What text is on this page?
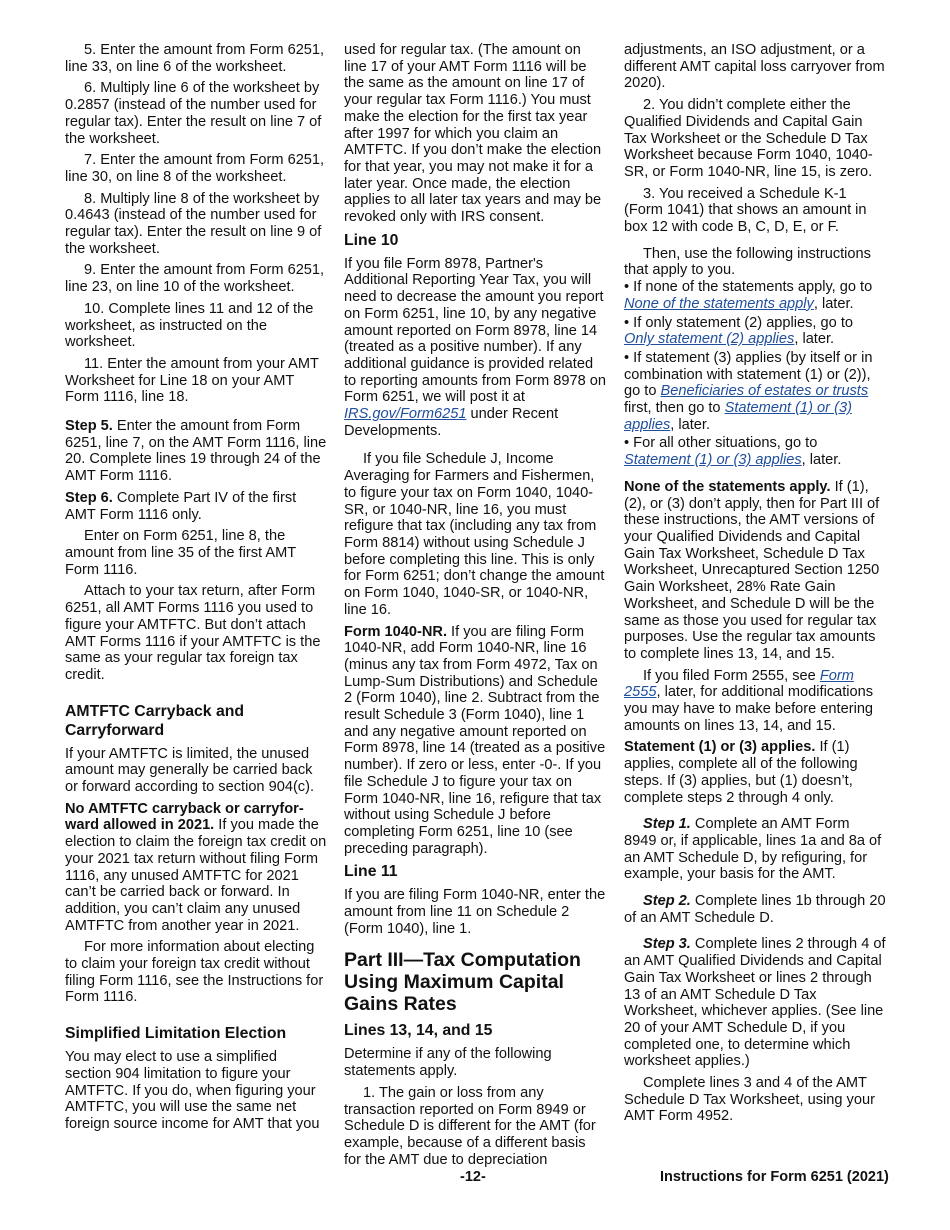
5. Enter the amount from Form 6251, line 33, on line 6 of the worksheet.

6. Multiply line 6 of the worksheet by 0.2857 (instead of the number used for regular tax). Enter the result on line 7 of the worksheet.

7. Enter the amount from Form 6251, line 30, on line 8 of the worksheet.

8. Multiply line 8 of the worksheet by 0.4643 (instead of the number used for regular tax). Enter the result on line 9 of the worksheet.

9. Enter the amount from Form 6251, line 23, on line 10 of the worksheet.

10. Complete lines 11 and 12 of the worksheet, as instructed on the worksheet.

11. Enter the amount from your AMT Worksheet for Line 18 on your AMT Form 1116, line 18.

Step 5. Enter the amount from Form 6251, line 7, on the AMT Form 1116, line 20. Complete lines 19 through 24 of the AMT Form 1116.

Step 6. Complete Part IV of the first AMT Form 1116 only.

Enter on Form 6251, line 8, the amount from line 35 of the first AMT Form 1116.

Attach to your tax return, after Form 6251, all AMT Forms 1116 you used to figure your AMTFTC. But don’t attach AMT Forms 1116 if your AMTFTC is the same as your regular tax foreign tax credit.

AMTFTC Carryback and Carryforward

If your AMTFTC is limited, the unused amount may generally be carried back or forward according to section 904(c).

No AMTFTC carryback or carryforward allowed in 2021. If you made the election to claim the foreign tax credit on your 2021 tax return without filing Form 1116, any unused AMTFTC for 2021 can’t be carried back or forward. In addition, you can’t claim any unused AMTFTC from another year in 2021.

For more information about electing to claim your foreign tax credit without filing Form 1116, see the Instructions for Form 1116.

Simplified Limitation Election

You may elect to use a simplified section 904 limitation to figure your AMTFTC. If you do, when figuring your AMTFTC, you will use the same net foreign source income for AMT that you

used for regular tax. (The amount on line 17 of your AMT Form 1116 will be the same as the amount on line 17 of your regular tax Form 1116.) You must make the election for the first tax year after 1997 for which you claim an AMTFTC. If you don’t make the election for that year, you may not make it for a later year. Once made, the election applies to all later tax years and may be revoked only with IRS consent.

Line 10

If you file Form 8978, Partner's Additional Reporting Year Tax, you will need to decrease the amount you report on Form 6251, line 10, by any negative amount reported on Form 8978, line 14 (treated as a positive number). If any additional guidance is provided related to reporting amounts from Form 8978 on Form 6251, we will post it at IRS.gov/Form6251 under Recent Developments.

If you file Schedule J, Income Averaging for Farmers and Fishermen, to figure your tax on Form 1040, 1040-SR, or 1040-NR, line 16, you must refigure that tax (including any tax from Form 8814) without using Schedule J before completing this line. This is only for Form 6251; don’t change the amount on Form 1040, 1040-SR, or 1040-NR, line 16.

Form 1040-NR. If you are filing Form 1040-NR, add Form 1040-NR, line 16 (minus any tax from Form 4972, Tax on Lump-Sum Distributions) and Schedule 2 (Form 1040), line 2. Subtract from the result Schedule 3 (Form 1040), line 1 and any negative amount reported on Form 8978, line 14 (treated as a positive number). If zero or less, enter -0-. If you file Schedule J to figure your tax on Form 1040-NR, line 16, refigure that tax without using Schedule J before completing Form 6251, line 10 (see preceding paragraph).

Line 11

If you are filing Form 1040-NR, enter the amount from line 11 on Schedule 2 (Form 1040), line 1.

Part III—Tax Computation Using Maximum Capital Gains Rates
Lines 13, 14, and 15

Determine if any of the following statements apply.

1. The gain or loss from any transaction reported on Form 8949 or Schedule D is different for the AMT (for example, because of a different basis for the AMT due to depreciation

adjustments, an ISO adjustment, or a different AMT capital loss carryover from 2020).

2. You didn’t complete either the Qualified Dividends and Capital Gain Tax Worksheet or the Schedule D Tax Worksheet because Form 1040, 1040-SR, or Form 1040-NR, line 15, is zero.

3. You received a Schedule K-1 (Form 1041) that shows an amount in box 12 with code B, C, D, E, or F.

Then, use the following instructions that apply to you.

• If none of the statements apply, go to None of the statements apply, later.

• If only statement (2) applies, go to Only statement (2) applies, later.

• If statement (3) applies (by itself or in combination with statement (1) or (2)), go to Beneficiaries of estates or trusts first, then go to Statement (1) or (3) applies, later.

• For all other situations, go to Statement (1) or (3) applies, later.

None of the statements apply. If (1), (2), or (3) don’t apply, then for Part III of these instructions, the AMT versions of your Qualified Dividends and Capital Gain Tax Worksheet, Schedule D Tax Worksheet, Unrecaptured Section 1250 Gain Worksheet, 28% Rate Gain Worksheet, and Schedule D will be the same as those you used for regular tax purposes. Use the regular tax amounts to complete lines 13, 14, and 15.

If you filed Form 2555, see Form 2555, later, for additional modifications you may have to make before entering amounts on lines 13, 14, and 15.

Statement (1) or (3) applies. If (1) applies, complete all of the following steps. If (3) applies, but (1) doesn’t, complete steps 2 through 4 only.

Step 1. Complete an AMT Form 8949 or, if applicable, lines 1a and 8a of an AMT Schedule D, by refiguring, for example, your basis for the AMT.

Step 2. Complete lines 1b through 20 of an AMT Schedule D.

Step 3. Complete lines 2 through 4 of an AMT Qualified Dividends and Capital Gain Tax Worksheet or lines 2 through 13 of an AMT Schedule D Tax Worksheet, whichever applies. (See line 20 of your AMT Schedule D, if you completed one, to determine which worksheet applies.)

Complete lines 3 and 4 of the AMT Schedule D Tax Worksheet, using your AMT Form 4952.

-12-	Instructions for Form 6251 (2021)
